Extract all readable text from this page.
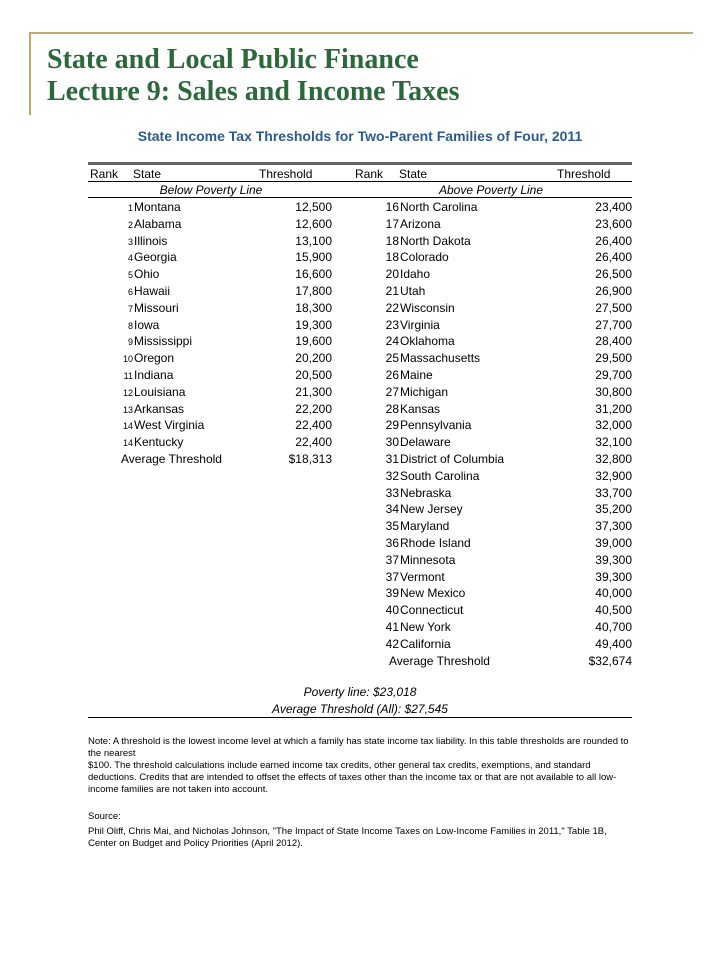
State and Local Public Finance
Lecture 9: Sales and Income Taxes
State Income Tax Thresholds for Two-Parent Families of Four, 2011
Rank State	Threshold	Rank State	Threshold
Below Poverty Line	Above Poverty Line
1 Montana	12,500
2 Alabama	12,600
3 Illinois	13,100
4 Georgia	15,900
5 Ohio	16,600
6 Hawaii	17,800
7 Missouri	18,300
8 Iowa	19,300
9 Mississippi	19,600
10 Oregon	20,200
11 Indiana	20,500
12 Louisiana	21,300
13 Arkansas	22,200
14 West Virginia	22,400
14 Kentucky	22,400
Average Threshold	$18,313
16 North Carolina	23,400
17 Arizona	23,600
18 North Dakota	26,400
18 Colorado	26,400
20 Idaho	26,500
21 Utah	26,900
22 Wisconsin	27,500
23 Virginia	27,700
24 Oklahoma	28,400
25 Massachusetts	29,500
26 Maine	29,700
27 Michigan	30,800
28 Kansas	31,200
29 Pennsylvania	32,000
30 Delaware	32,100
31 District of Columbia	32,800
32 South Carolina	32,900
33 Nebraska	33,700
34 New Jersey	35,200
35 Maryland	37,300
36 Rhode Island	39,000
37 Minnesota	39,300
37 Vermont	39,300
39 New Mexico	40,000
40 Connecticut	40,500
41 New York	40,700
42 California	49,400
Average Threshold	$32,674
Poverty line: $23,018
Average Threshold (All): $27,545
Note: A threshold is the lowest income level at which a family has state income tax liability. In this table thresholds are rounded to the nearest
$100. The threshold calculations include earned income tax credits, other general tax credits, exemptions, and standard deductions. Credits that are intended to offset the effects of taxes other than the income tax or that are not available to all low-income families are not taken into account.
Source:
Phil Oliff, Chris Mai, and Nicholas Johnson, "The Impact of State Income Taxes on Low-Income Families in 2011," Table 1B, Center on Budget and Policy Priorities (April 2012).
